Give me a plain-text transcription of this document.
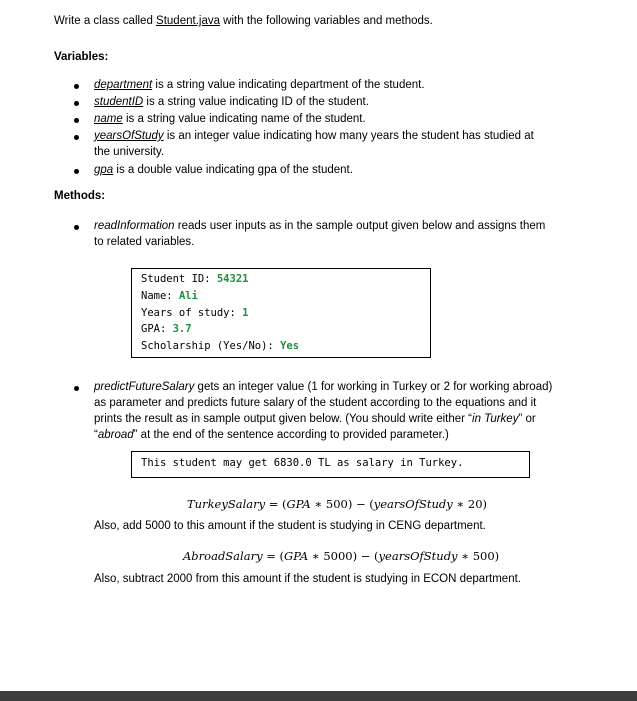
Write a class called Student.java with the following variables and methods.
Variables:
department is a string value indicating department of the student.
studentID is a string value indicating ID of the student.
name is a string value indicating name of the student.
yearsOfStudy is an integer value indicating how many years the student has studied at
the university.
gpa is a double value indicating gpa of the student.
Methods:
readInformation reads user inputs as in the sample output given below and assigns them
to related variables.
Student ID: 54321
Name: Ali
Years of study: 1
GPA: 3.7
Scholarship (Yes/No): Yes
predictFutureSalary gets an integer value (1 for working in Turkey or 2 for working abroad)
as parameter and predicts future salary of the student according to the equations and it
prints the result as in sample output given below. (You should write either “in Turkey” or
“abroad” at the end of the sentence according to provided parameter.)
This student may get 6830.0 TL as salary in Turkey.
TurkeySalary = (GPA ∗ 500) − (yearsOfStudy ∗ 20)
Also, add 5000 to this amount if the student is studying in CENG department.
AbroadSalary = (GPA ∗ 5000) − (yearsOfStudy ∗ 500)
Also, subtract 2000 from this amount if the student is studying in ECON department.
